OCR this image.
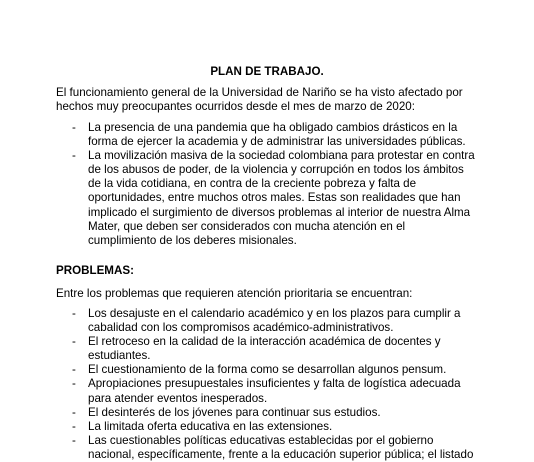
PLAN DE TRABAJO.

El funcionamiento general de la Universidad de Nariño se ha visto afectado por hechos muy preocupantes ocurridos desde el mes de marzo de 2020:

- La presencia de una pandemia que ha obligado cambios drásticos en la forma de ejercer la academia y de administrar las universidades públicas.
- La movilización masiva de la sociedad colombiana para protestar en contra de los abusos de poder, de la violencia y corrupción en todos los ámbitos de la vida cotidiana, en contra de la creciente pobreza y falta de oportunidades, entre muchos otros males. Estas son realidades que han implicado el surgimiento de diversos problemas al interior de nuestra Alma Mater, que deben ser considerados con mucha atención en el cumplimiento de los deberes misionales.
PROBLEMAS:

Entre los problemas que requieren atención prioritaria se encuentran:

- Los desajuste en el calendario académico y en los plazos para cumplir a cabalidad con los compromisos académico-administrativos.
- El retroceso en la calidad de la interacción académica de docentes y estudiantes.
- El cuestionamiento de la forma como se desarrollan algunos pensum.
- Apropiaciones presupuestales insuficientes y falta de logística adecuada para atender eventos inesperados.
- El desinterés de los jóvenes para continuar sus estudios.
- La limitada oferta educativa en las extensiones.
- Las cuestionables políticas educativas establecidas por el gobierno nacional, específicamente, frente a la educación superior pública; el listado
